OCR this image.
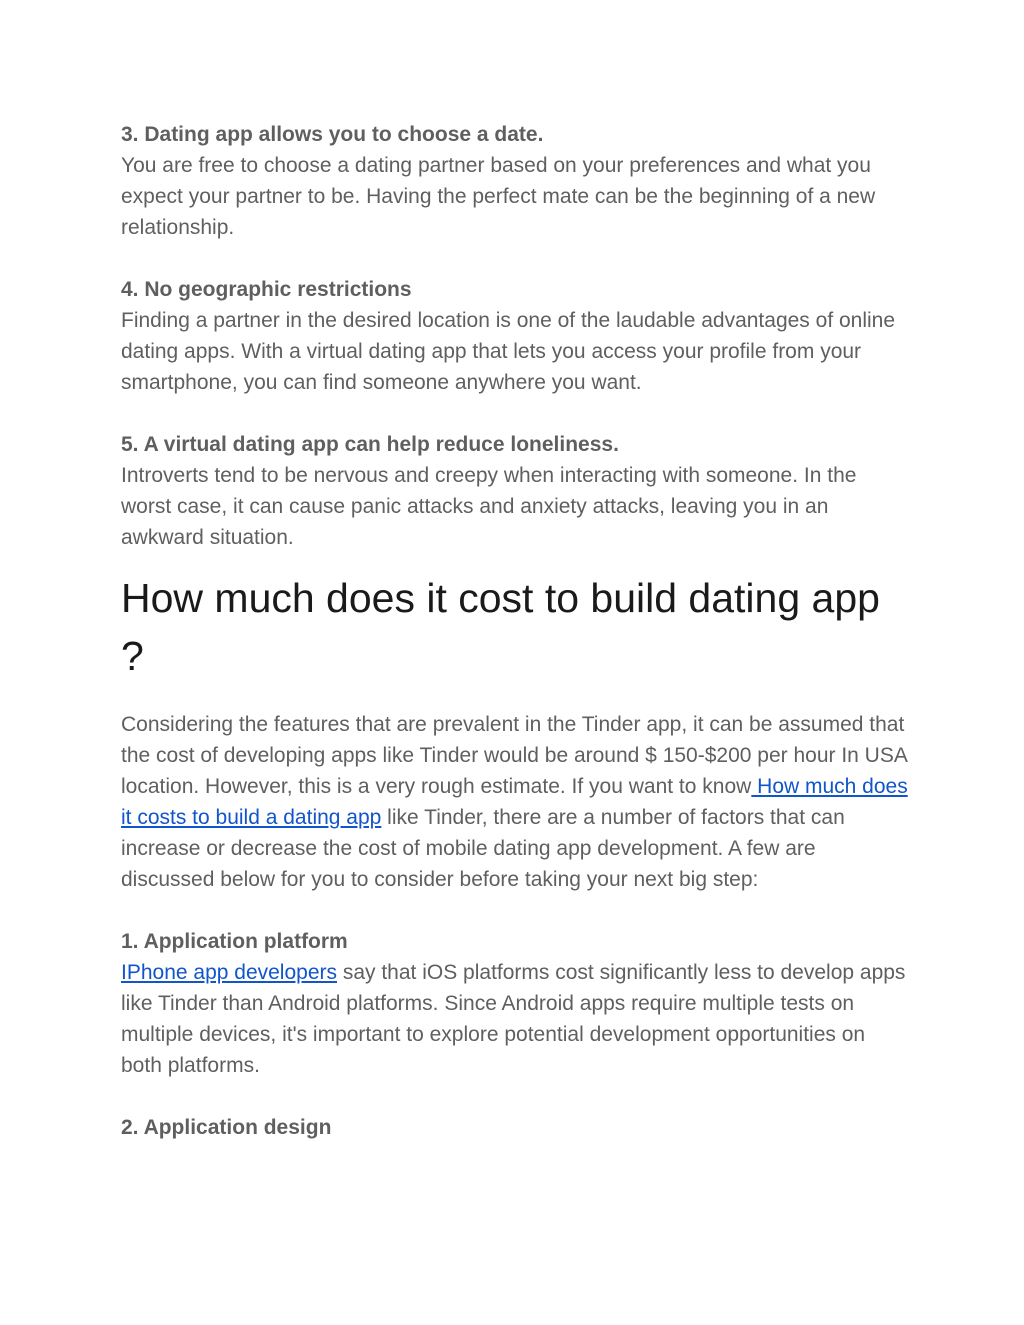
3. Dating app allows you to choose a date.

You are free to choose a dating partner based on your preferences and what you expect your partner to be. Having the perfect mate can be the beginning of a new relationship.

4. No geographic restrictions

Finding a partner in the desired location is one of the laudable advantages of online dating apps. With a virtual dating app that lets you access your profile from your smartphone, you can find someone anywhere you want.

5. A virtual dating app can help reduce loneliness.

Introverts tend to be nervous and creepy when interacting with someone. In the worst case, it can cause panic attacks and anxiety attacks, leaving you in an awkward situation.

How much does it cost to build dating app ?

Considering the features that are prevalent in the Tinder app, it can be assumed that the cost of developing apps like Tinder would be around $ 150-$200 per hour In USA location. However, this is a very rough estimate. If you want to know How much does it costs to build a dating app like Tinder, there are a number of factors that can increase or decrease the cost of mobile dating app development. A few are discussed below for you to consider before taking your next big step:

1. Application platform

IPhone app developers say that iOS platforms cost significantly less to develop apps like Tinder than Android platforms. Since Android apps require multiple tests on multiple devices, it's important to explore potential development opportunities on both platforms.

2. Application design
